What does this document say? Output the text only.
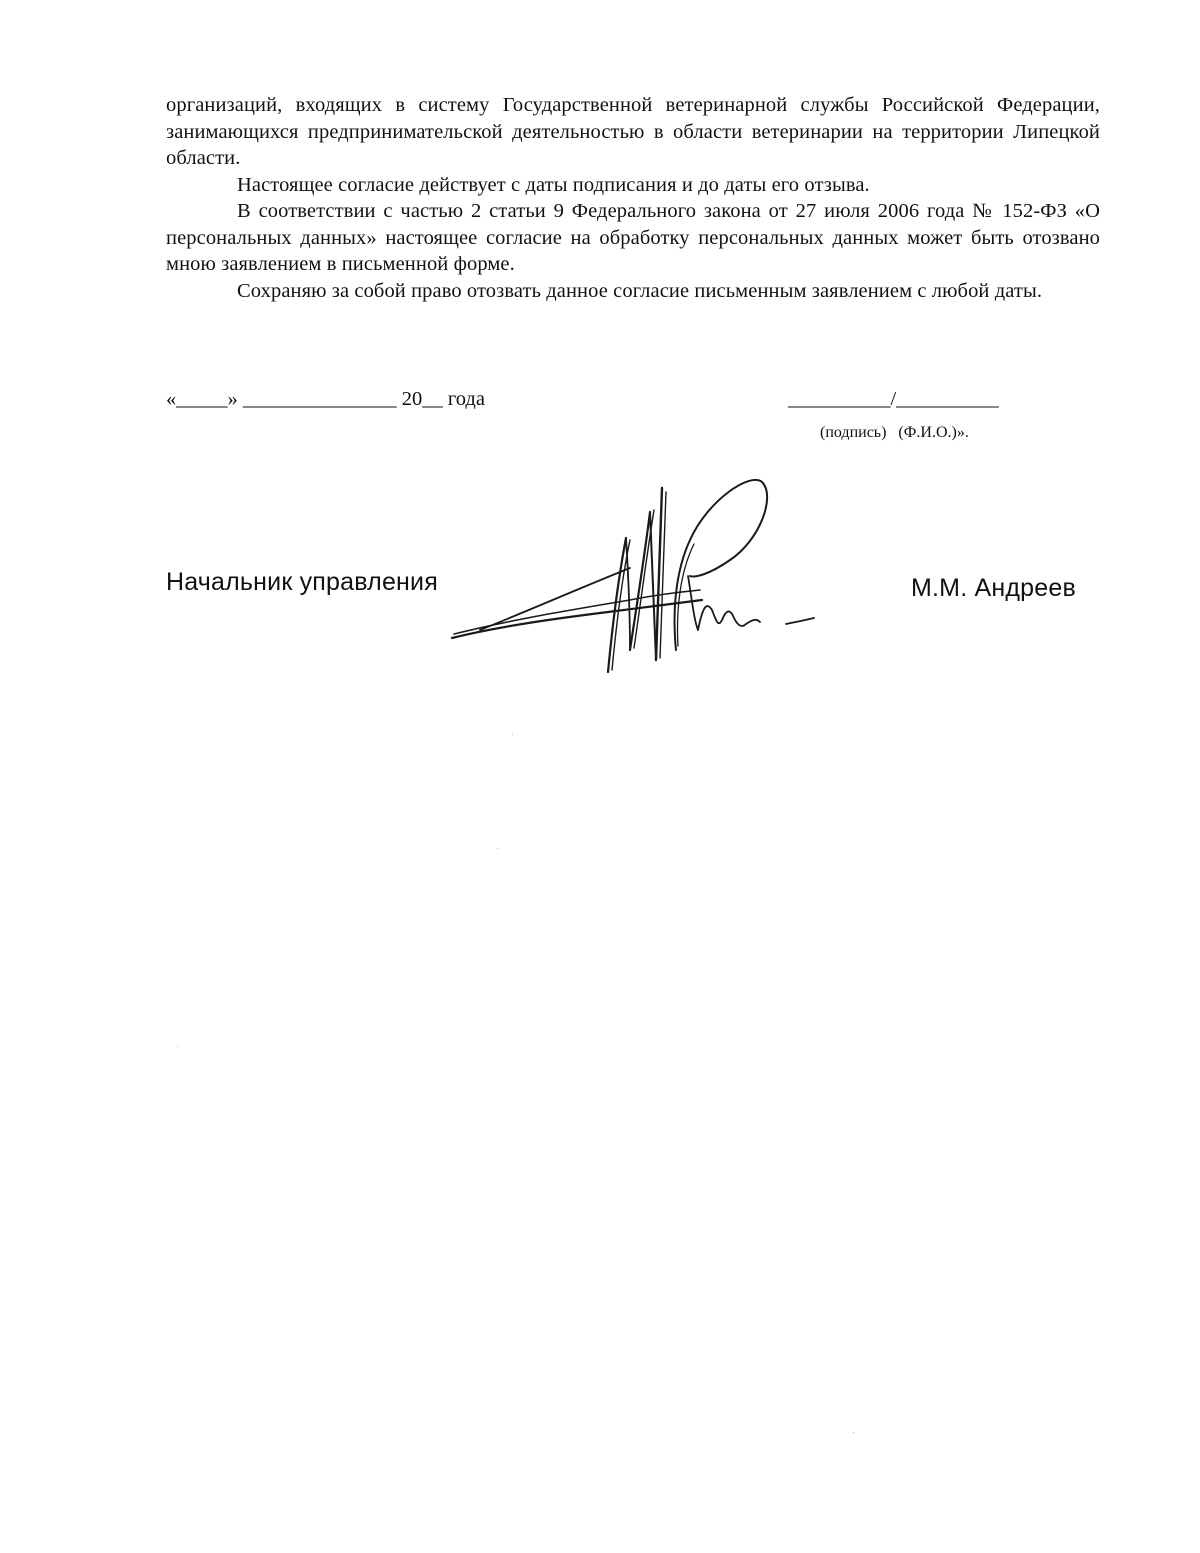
организаций, входящих в систему Государственной ветеринарной службы Российской Федерации, занимающихся предпринимательской деятельностью в области ветеринарии на территории Липецкой области.

Настоящее согласие действует с даты подписания и до даты его отзыва.

В соответствии с частью 2 статьи 9 Федерального закона от 27 июля 2006 года № 152-ФЗ «О персональных данных» настоящее согласие на обработку персональных данных может быть отозвано мною заявлением в письменной форме.

Сохраняю за собой право отозвать данное согласие письменным заявлением с любой даты.

«_____» _______________ 20__ года	__________/__________
(подпись)   (Ф.И.О.)».
Начальник управления	М.М. Андреев
